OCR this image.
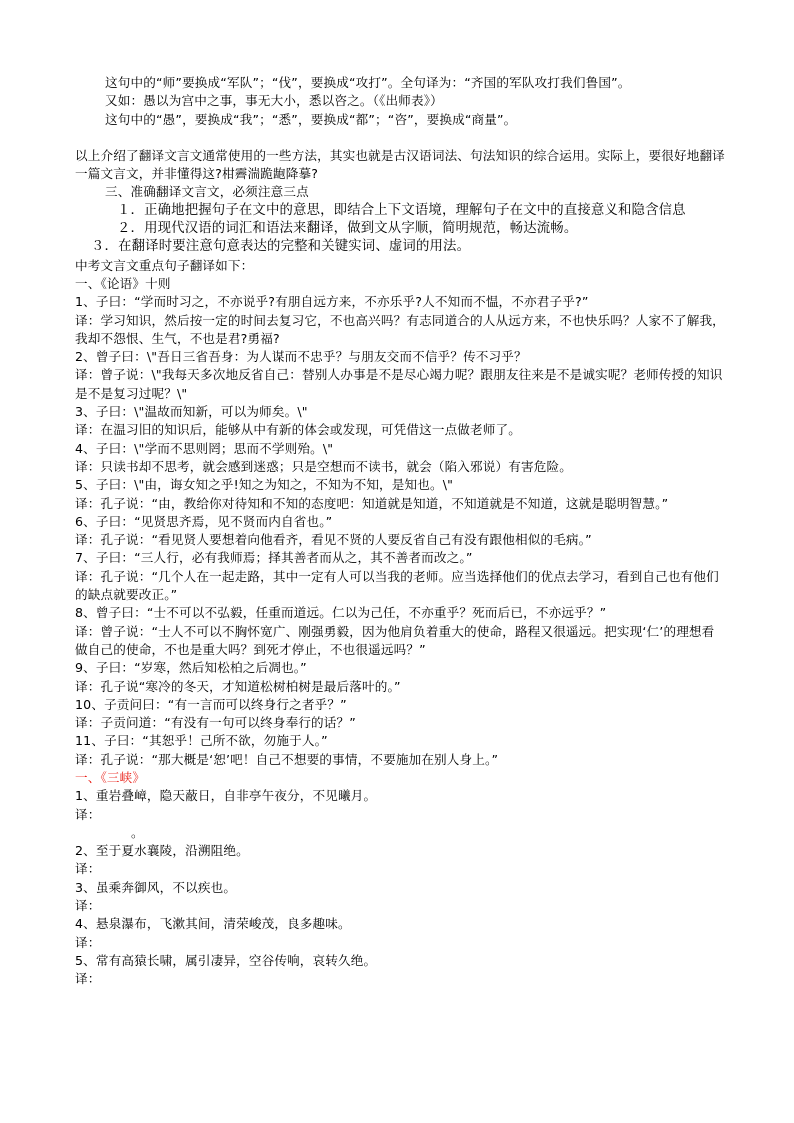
这句中的“师”要换成“军队”；“伐”，要换成“攻打”。全句译为：“齐国的军队攻打我们鲁国”。
又如：愚以为宫中之事，事无大小，悉以咨之。（《出师表》）
这句中的“愚”，要换成“我”；“悉”，要换成“都”；“咨”，要换成“商量”。
以上介绍了翻译文言文通常使用的一些方法，其实也就是古汉语词法、句法知识的综合运用。实际上，要很好地翻译一篇文言文，并非懂得这?柑霽湍跪龅降摹?
三、准确翻译文言文，必须注意三点
１．正确地把握句子在文中的意思，即结合上下文语境，理解句子在文中的直接意义和隐含信息
２．用现代汉语的词汇和语法来翻译，做到文从字顺，简明规范，畅达流畅。
３．在翻译时要注意句意表达的完整和关键实词、虚词的用法。
中考文言文重点句子翻译如下：
一、《论语》十则
1、子曰：“学而时习之，不亦说乎?有朋自远方来，不亦乐乎?人不知而不愠，不亦君子乎?”
译：学习知识，然后按一定的时间去复习它，不也高兴吗？有志同道合的人从远方来，不也快乐吗？人家不了解我，我却不怨恨、生气，不也是君?勇福?
2、曾子曰：\"吾日三省吾身：为人谋而不忠乎？与朋友交而不信乎？传不习乎？
译：曾子说：\"我每天多次地反省自己：替别人办事是不是尽心竭力呢？跟朋友往来是不是诚实呢？老师传授的知识是不是复习过呢？\"
3、子曰：\"温故而知新，可以为师矣。\"
译：在温习旧的知识后，能够从中有新的体会或发现，可凭借这一点做老师了。
4、子曰：\"学而不思则罔；思而不学则殆。\"
译：只读书却不思考，就会感到迷惑；只是空想而不读书，就会（陷入邪说）有害危险。
5、子曰：\"由，诲女知之乎!知之为知之，不知为不知，是知也。\"
译：孔子说：“由，教给你对待知和不知的态度吧：知道就是知道，不知道就是不知道，这就是聪明智慧。”
6、子曰：“见贤思齐焉，见不贤而内自省也。”
译：孔子说：“看见贤人要想着向他看齐，看见不贤的人要反省自己有没有跟他相似的毛病。”
7、子曰：“三人行，必有我师焉；择其善者而从之，其不善者而改之。”
译：孔子说：“几个人在一起走路，其中一定有人可以当我的老师。应当选择他们的优点去学习，看到自己也有他们的缺点就要改正。”
8、曾子曰：“士不可以不弘毅，任重而道远。仁以为己任，不亦重乎？死而后已，不亦远乎？”
译：曾子说：“士人不可以不胸怀宽广、刚强勇毅，因为他肩负着重大的使命，路程又很遥远。把实现‘仁’的理想看做自己的使命，不也是重大吗？到死才停止，不也很遥远吗？”
9、子曰：“岁寒，然后知松柏之后凋也。”
译：孔子说“寒冷的冬天，才知道松树柏树是最后落叶的。”
10、子贡问曰：“有一言而可以终身行之者乎？”
译：子贡问道：“有没有一句可以终身奉行的话？”
11、子曰：“其恕乎！己所不欲，勿施于人。”
译：孔子说：“那大概是‘恕’吧！自己不想要的事情，不要施加在别人身上。”
一、《三峡》
1、重岩叠嶂，隐天蔽日，自非亭午夜分，不见曦月。
译：
。
2、至于夏水襄陵，沿溯阻绝。
译：
3、虽乘奔御风，不以疾也。
译：
4、悬泉瀑布，飞漱其间，清荣峻茂，良多趣味。
译：
5、常有高猿长啸，属引凄异，空谷传响，哀转久绝。
译：
